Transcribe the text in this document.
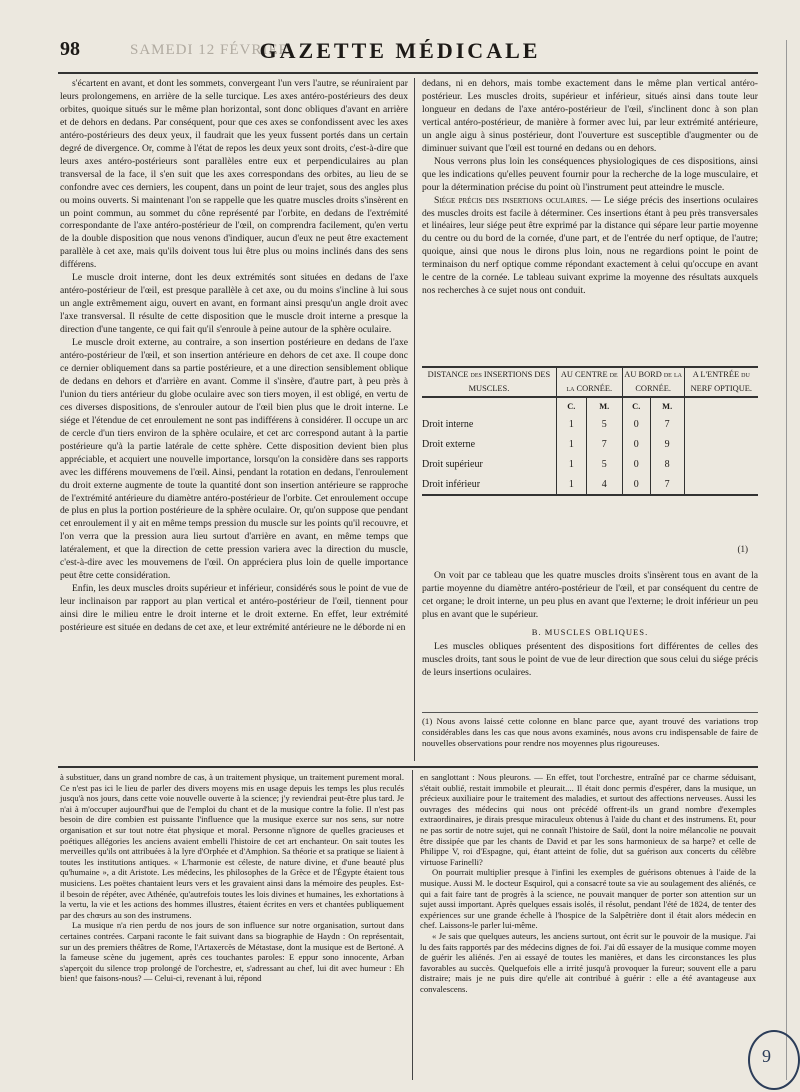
98	SAMEDI 12 FÉVRIER
GAZETTE MÉDICALE

s'écartent en avant, et dont les sommets, convergeant l'un vers l'autre, se réuniraient par leurs prolongemens, en arrière de la selle turcique. Les axes antéro-postérieurs des deux orbites, quoique situés sur le même plan horizontal, sont donc obliques d'avant en arrière et de dehors en dedans. Par conséquent, pour que ces axes se confondissent avec les axes antéro-postérieurs des deux yeux, il faudrait que les yeux fussent portés dans un certain degré de divergence. Or, comme à l'état de repos les deux yeux sont droits, c'est-à-dire que leurs axes antéro-postérieurs sont parallèles entre eux et perpendiculaires au plan transversal de la face, il s'en suit que les axes correspondans des orbites, au lieu de se confondre avec ces derniers, les coupent, dans un point de leur trajet, sous des angles plus ou moins ouverts. Si maintenant l'on se rappelle que les quatre muscles droits s'insèrent en un point commun, au sommet du cône représenté par l'orbite, en dedans de l'extrémité correspondante de l'axe antéro-postérieur de l'œil, on comprendra facilement, qu'en vertu de la double disposition que nous venons d'indiquer, aucun d'eux ne peut être exactement parallèle à cet axe, mais qu'ils doivent tous lui être plus ou moins inclinés dans des sens différens.

Le muscle droit interne, dont les deux extrémités sont situées en dedans de l'axe antéro-postérieur de l'œil, est presque parallèle à cet axe, ou du moins s'incline à lui sous un angle extrêmement aigu, ouvert en avant, en formant ainsi presqu'un angle droit avec l'axe transversal. Il résulte de cette disposition que le muscle droit interne a presque la direction d'une tangente, ce qui fait qu'il s'enroule à peine autour de la sphère oculaire.

Le muscle droit externe, au contraire, a son insertion postérieure en dedans de l'axe antéro-postérieur de l'œil, et son insertion antérieure en dehors de cet axe. Il coupe donc ce dernier obliquement dans sa partie postérieure, et a une direction sensiblement oblique de dedans en dehors et d'arrière en avant. Comme il s'insère, d'autre part, à peu près à l'union du tiers antérieur du globe oculaire avec son tiers moyen, il est obligé, en vertu de ces diverses dispositions, de s'enrouler autour de l'œil bien plus que le droit interne. Le siége et l'étendue de cet enroulement ne sont pas indifférens à considérer. Il occupe un arc de cercle d'un tiers environ de la sphère oculaire, et cet arc correspond autant à la partie postérieure qu'à la partie latérale de cette sphère. Cette disposition devient bien plus appréciable, et acquiert une nouvelle importance, lorsqu'on la considère dans ses rapports avec les différens mouvemens de l'œil. Ainsi, pendant la rotation en dedans, l'enroulement du droit externe augmente de toute la quantité dont son insertion antérieure se rapproche de l'extrémité antérieure du diamètre antéro-postérieur de l'orbite. Cet enroulement occupe de plus en plus la portion postérieure de la sphère oculaire. Or, qu'on suppose que pendant cet enroulement il y ait en même temps pression du muscle sur les points qu'il recouvre, et l'on verra que la pression aura lieu surtout d'arrière en avant, en même temps que latéralement, et que la direction de cette pression variera avec la direction du muscle, c'est-à-dire avec les mouvemens de l'œil. On appréciera plus loin de quelle importance peut être cette considération.

Enfin, les deux muscles droits supérieur et inférieur, considérés sous le point de vue de leur inclinaison par rapport au plan vertical et antéro-postérieur de l'œil, tiennent pour ainsi dire le milieu entre le droit interne et le droit externe. En effet, leur extrémité postérieure est située en dedans de cet axe, et leur extrémité antérieure ne le déborde ni en

dedans, ni en dehors, mais tombe exactement dans le même plan vertical antéro-postérieur. Les muscles droits, supérieur et inférieur, situés ainsi dans toute leur longueur en dedans de l'axe antéro-postérieur de l'œil, s'inclinent donc à son plan vertical antéro-postérieur, de manière à former avec lui, par leur extrémité antérieure, un angle aigu à sinus postérieur, dont l'ouverture est susceptible d'augmenter ou de diminuer suivant que l'œil est tourné en dedans ou en dehors.

Nous verrons plus loin les conséquences physiologiques de ces dispositions, ainsi que les indications qu'elles peuvent fournir pour la recherche de la loge musculaire, et pour la détermination précise du point où l'instrument peut atteindre le muscle.

Siége précis des insertions oculaires. — Le siége précis des insertions oculaires des muscles droits est facile à déterminer. Ces insertions étant à peu près transversales et linéaires, leur siége peut être exprimé par la distance qui sépare leur partie moyenne du centre ou du bord de la cornée, d'une part, et de l'entrée du nerf optique, de l'autre; quoique, ainsi que nous le dirons plus loin, nous ne regardions point le point de terminaison du nerf optique comme répondant exactement à celui qu'occupe en avant le centre de la cornée. Le tableau suivant exprime la moyenne des résultats auxquels nos recherches à ce sujet nous ont conduit.

DISTANCE des INSERTIONS DES MUSCLES.	AU CENTRE de la CORNÉE.		AU BORD de la CORNÉE.		A L'ENTRÉE du NERF OPTIQUE.
	C.	M.	C.	M.	
Droit interne	1	5	0	7	
Droit externe	1	7	0	9	
Droit supérieur	1	5	0	8	
Droit inférieur	1	4	0	7	
(1)

On voit par ce tableau que les quatre muscles droits s'insèrent tous en avant de la partie moyenne du diamètre antéro-postérieur de l'œil, et par conséquent du centre de cet organe; le droit interne, un peu plus en avant que l'externe; le droit inférieur un peu plus en avant que le supérieur.

B. MUSCLES OBLIQUES.

Les muscles obliques présentent des dispositions fort différentes de celles des muscles droits, tant sous le point de vue de leur direction que sous celui du siége précis de leurs insertions oculaires.

(1) Nous avons laissé cette colonne en blanc parce que, ayant trouvé des variations trop considérables dans les cas que nous avons examinés, nous avons cru indispensable de faire de nouvelles observations pour rendre nos moyennes plus rigoureuses.

à substituer, dans un grand nombre de cas, à un traitement physique, un traitement purement moral. Ce n'est pas ici le lieu de parler des divers moyens mis en usage depuis les temps les plus reculés jusqu'à nos jours, dans cette voie nouvelle ouverte à la science; j'y reviendrai peut-être plus tard. Je n'ai à m'occuper aujourd'hui que de l'emploi du chant et de la musique contre la folie. Il n'est pas besoin de dire combien est puissante l'influence que la musique exerce sur nos sens, sur notre organisation et sur tout notre état physique et moral. Personne n'ignore de quelles gracieuses et poétiques allégories les anciens avaient embelli l'histoire de cet art enchanteur. On sait toutes les merveilles qu'ils ont attribuées à la lyre d'Orphée et d'Amphion. Sa théorie et sa pratique se liaient à toutes les institutions antiques. « L'harmonie est céleste, de nature divine, et d'une beauté plus qu'humaine », a dit Aristote. Les médecins, les philosophes de la Grèce et de l'Égypte étaient tous musiciens. Les poëtes chantaient leurs vers et les gravaient ainsi dans la mémoire des peuples. Est-il besoin de répéter, avec Athénée, qu'autrefois toutes les lois divines et humaines, les exhortations à la vertu, la vie et les actions des hommes illustres, étaient écrites en vers et chantées publiquement par des chœurs au son des instrumens.

La musique n'a rien perdu de nos jours de son influence sur notre organisation, surtout dans certaines contrées. Carpani raconte le fait suivant dans sa biographie de Haydn : On représentait, sur un des premiers théâtres de Rome, l'Artaxercès de Métastase, dont la musique est de Bertoné. A la fameuse scène du jugement, après ces touchantes paroles: E eppur sono innocente, Arban s'aperçoit du silence trop prolongé de l'orchestre, et, s'adressant au chef, lui dit avec humeur : Eh bien! que faisons-nous? — Celui-ci, revenant à lui, répond

en sanglottant : Nous pleurons. — En effet, tout l'orchestre, entraîné par ce charme séduisant, s'était oublié, restait immobile et pleurait.... Il était donc permis d'espérer, dans la musique, un précieux auxiliaire pour le traitement des maladies, et surtout des affections nerveuses. Aussi les ouvrages des médecins qui nous ont précédé offrent-ils un grand nombre d'exemples extraordinaires, je dirais presque miraculeux obtenus à l'aide du chant et des instrumens. Et, pour ne pas sortir de notre sujet, qui ne connaît l'histoire de Saül, dont la noire mélancolie ne pouvait être dissipée que par les chants de David et par les sons harmonieux de sa harpe? et celle de Philippe V, roi d'Espagne, qui, étant atteint de folie, dut sa guérison aux concerts du célèbre virtuose Farinelli?

On pourrait multiplier presque à l'infini les exemples de guérisons obtenues à l'aide de la musique. Aussi M. le docteur Esquirol, qui a consacré toute sa vie au soulagement des aliénés, ce qui a fait faire tant de progrès à la science, ne pouvait manquer de porter son attention sur un sujet aussi important. Après quelques essais isolés, il résolut, pendant l'été de 1824, de tenter des expériences sur une grande échelle à l'hospice de la Salpêtrière dont il était alors médecin en chef. Laissons-le parler lui-même.

« Je sais que quelques auteurs, les anciens surtout, ont écrit sur le pouvoir de la musique. J'ai lu des faits rapportés par des médecins dignes de foi. J'ai dû essayer de la musique comme moyen de guérir les aliénés. J'en ai essayé de toutes les manières, et dans les circonstances les plus favorables au succès. Quelquefois elle a irrité jusqu'à provoquer la fureur; souvent elle a paru distraire; mais je ne puis dire qu'elle ait contribué à guérir : elle a été avantageuse aux convalescens.

9
